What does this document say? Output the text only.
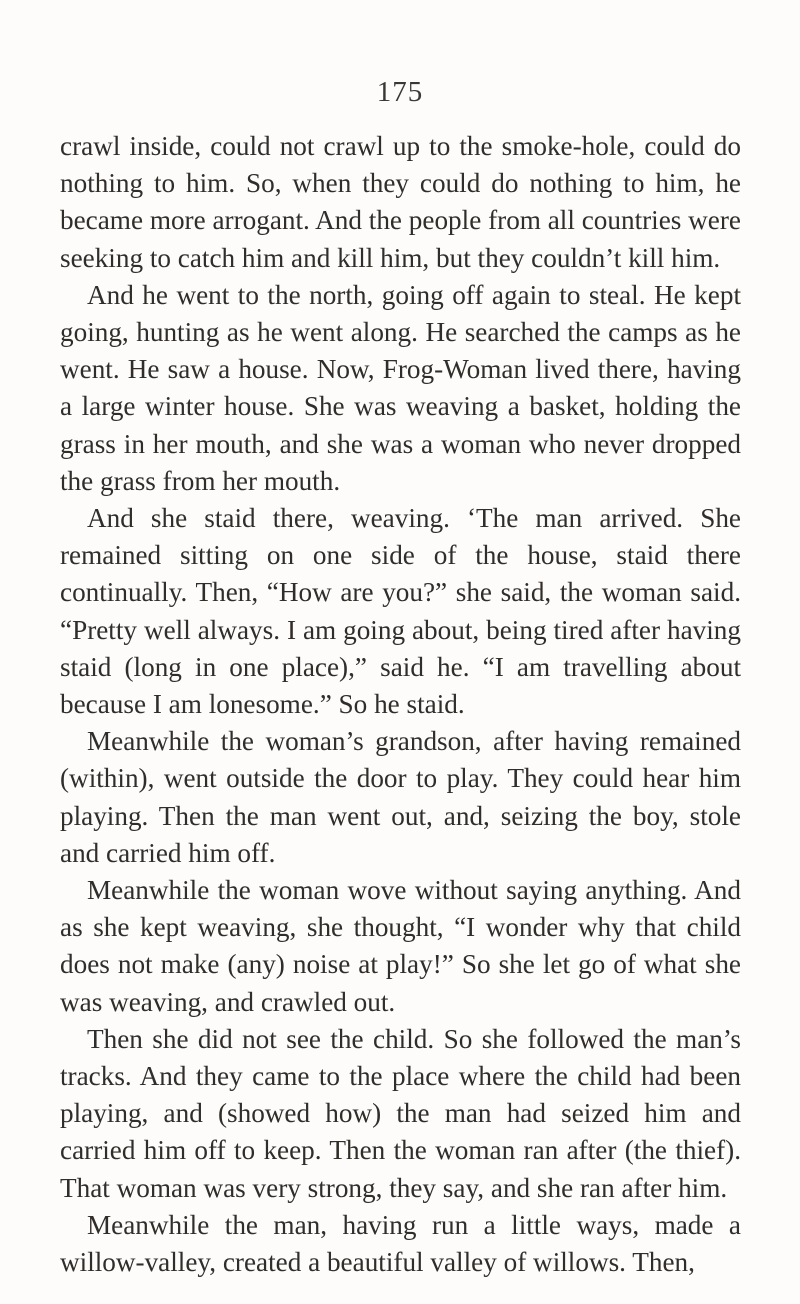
175

crawl inside, could not crawl up to the smoke-hole, could do nothing to him. So, when they could do nothing to him, he became more arrogant. And the people from all countries were seeking to catch him and kill him, but they couldn’t kill him.

And he went to the north, going off again to steal. He kept going, hunting as he went along. He searched the camps as he went. He saw a house. Now, Frog-Woman lived there, having a large winter house. She was weaving a basket, holding the grass in her mouth, and she was a woman who never dropped the grass from her mouth.

And she staid there, weaving. ‘The man arrived. She remained sitting on one side of the house, staid there continually. Then, “How are you?” she said, the woman said. “Pretty well always. I am going about, being tired after having staid (long in one place),” said he. “I am travelling about because I am lonesome.” So he staid.

Meanwhile the woman’s grandson, after having remained (within), went outside the door to play. They could hear him playing. Then the man went out, and, seizing the boy, stole and carried him off.

Meanwhile the woman wove without saying anything. And as she kept weaving, she thought, “I wonder why that child does not make (any) noise at play!” So she let go of what she was weaving, and crawled out.

Then she did not see the child. So she followed the man’s tracks. And they came to the place where the child had been playing, and (showed how) the man had seized him and carried him off to keep. Then the woman ran after (the thief). That woman was very strong, they say, and she ran after him.

Meanwhile the man, having run a little ways, made a willow-valley, created a beautiful valley of willows. Then,
